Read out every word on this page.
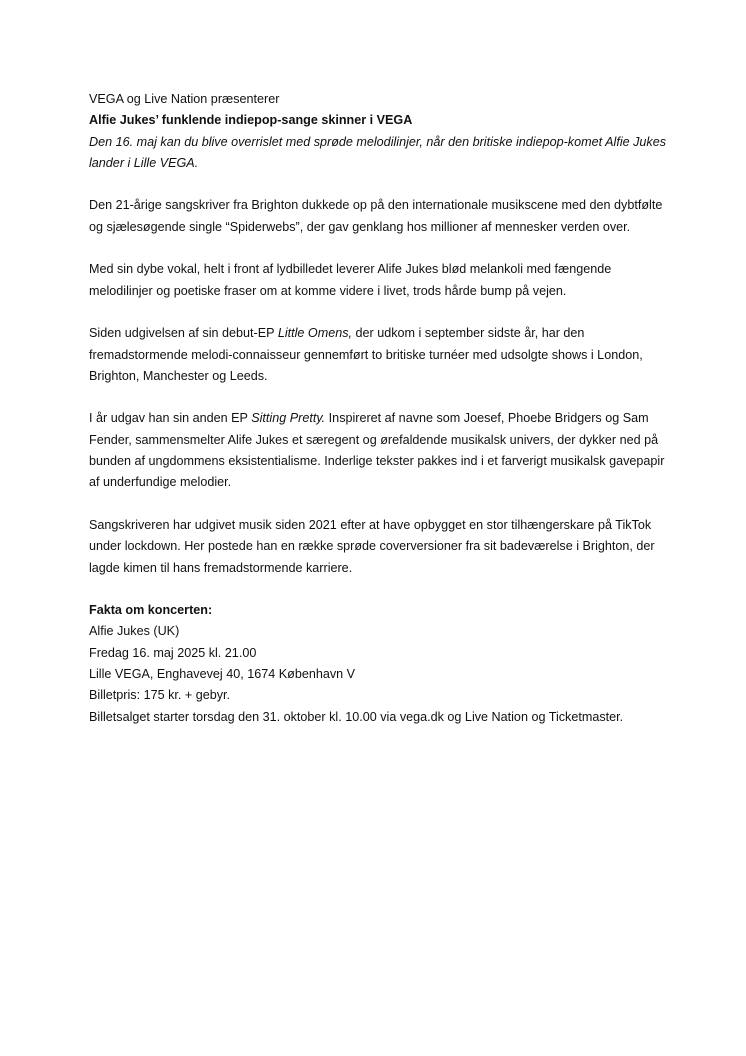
VEGA og Live Nation præsenterer

Alfie Jukes’ funklende indiepop-sange skinner i VEGA

Den 16. maj kan du blive overrislet med sprøde melodilinjer, når den britiske indiepop-komet Alfie Jukes lander i Lille VEGA.

Den 21-årige sangskriver fra Brighton dukkede op på den internationale musikscene med den dybtfølte og sjælesøgende single “Spiderwebs”, der gav genklang hos millioner af mennesker verden over.

Med sin dybe vokal, helt i front af lydbilledet leverer Alife Jukes blød melankoli med fængende melodilinjer og poetiske fraser om at komme videre i livet, trods hårde bump på vejen.

Siden udgivelsen af sin debut-EP Little Omens, der udkom i september sidste år, har den fremadstormende melodi-connaisseur gennemført to britiske turnéer med udsolgte shows i London, Brighton, Manchester og Leeds.

I år udgav han sin anden EP Sitting Pretty. Inspireret af navne som Joesef, Phoebe Bridgers og Sam Fender, sammensmelter Alife Jukes et særegent og ørefaldende musikalsk univers, der dykker ned på bunden af ungdommens eksistentialisme. Inderlige tekster pakkes ind i et farverigt musikalsk gavepapir af underfundige melodier.

Sangskriveren har udgivet musik siden 2021 efter at have opbygget en stor tilhængerskare på TikTok under lockdown. Her postede han en række sprøde coverversioner fra sit badeværelse i Brighton, der lagde kimen til hans fremadstormende karriere.

Fakta om koncerten:

Alfie Jukes (UK)

Fredag 16. maj 2025 kl. 21.00

Lille VEGA, Enghavevej 40, 1674 København V

Billetpris: 175 kr. + gebyr.

Billetsalget starter torsdag den 31. oktober kl. 10.00 via vega.dk og Live Nation og Ticketmaster.
